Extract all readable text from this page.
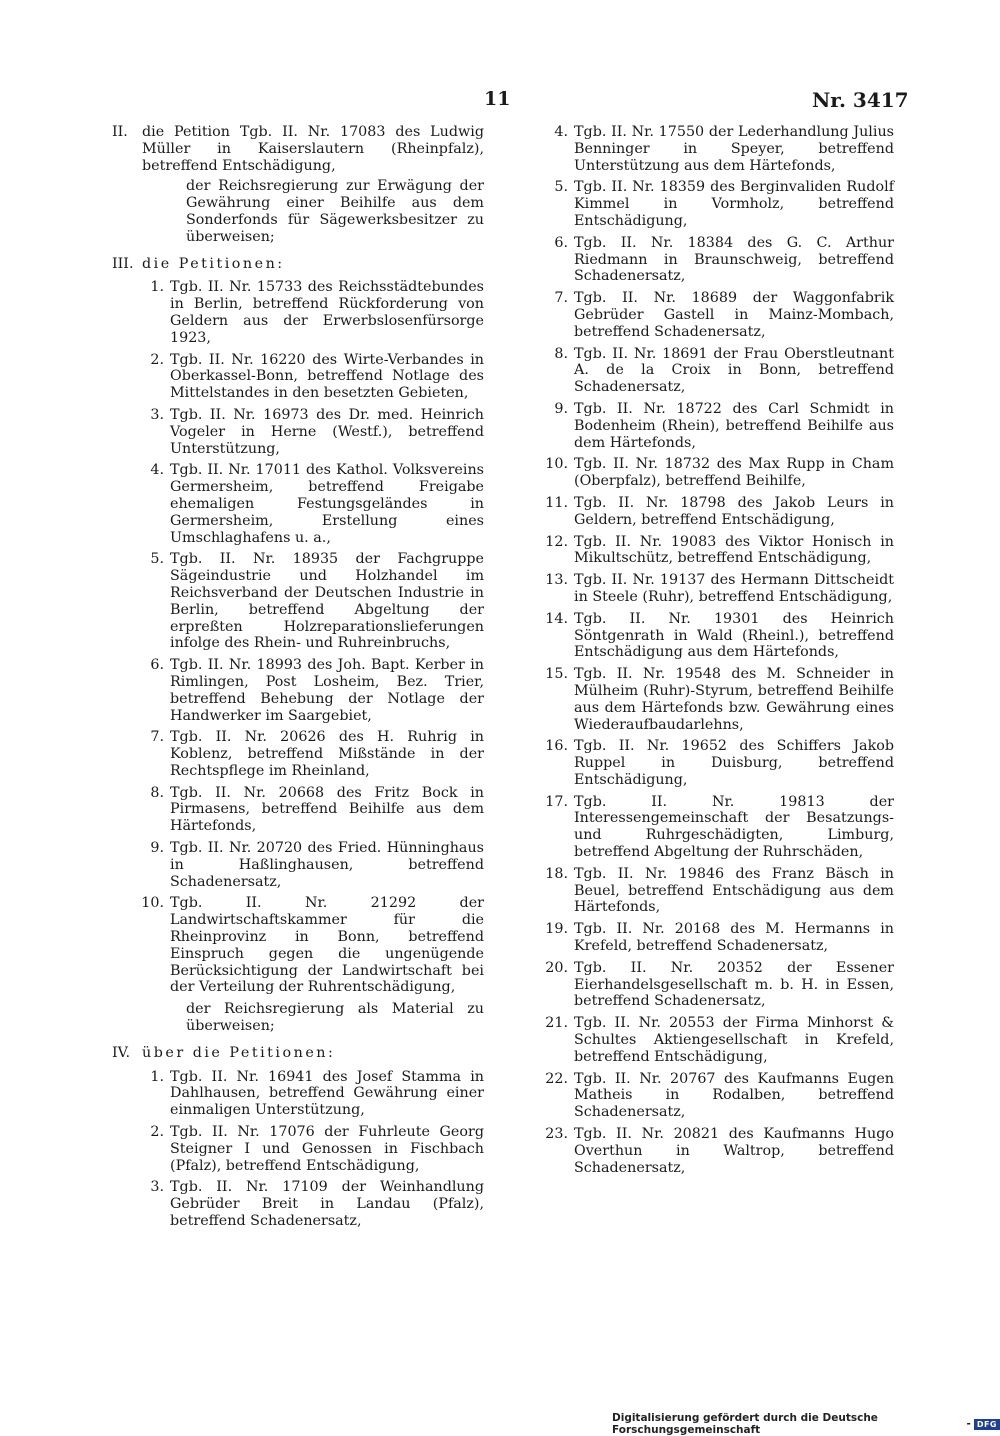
11	Nr. 3417
II. die Petition Tgb. II. Nr. 17083 des Ludwig Müller in Kaiserslautern (Rheinpfalz), betreffend Entschädigung,
der Reichsregierung zur Erwägung der Gewährung einer Beihilfe aus dem Sonderfonds für Sägewerksbesitzer zu überweisen;
III. die Petitionen:
1. Tgb. II. Nr. 15733 des Reichsstädtebundes in Berlin, betreffend Rückforderung von Geldern aus der Erwerbslosenfürsorge 1923,
2. Tgb. II. Nr. 16220 des Wirte-Verbandes in Oberkassel-Bonn, betreffend Notlage des Mittelstandes in den besetzten Gebieten,
3. Tgb. II. Nr. 16973 des Dr. med. Heinrich Vogeler in Herne (Westf.), betreffend Unterstützung,
4. Tgb. II. Nr. 17011 des Kathol. Volksvereins Germersheim, betreffend Freigabe ehemaligen Festungsgeländes in Germersheim, Erstellung eines Umschlaghafens u. a.,
5. Tgb. II. Nr. 18935 der Fachgruppe Sägeindustrie und Holzhandel im Reichsverband der Deutschen Industrie in Berlin, betreffend Abgeltung der erpreßten Holzreparationslieferungen infolge des Rhein- und Ruhreinbruchs,
6. Tgb. II. Nr. 18993 des Joh. Bapt. Kerber in Rimlingen, Post Losheim, Bez. Trier, betreffend Behebung der Notlage der Handwerker im Saargebiet,
7. Tgb. II. Nr. 20626 des H. Ruhrig in Koblenz, betreffend Mißstände in der Rechtspflege im Rheinland,
8. Tgb. II. Nr. 20668 des Fritz Bock in Pirmasens, betreffend Beihilfe aus dem Härtefonds,
9. Tgb. II. Nr. 20720 des Fried. Hünninghaus in Haßlinghausen, betreffend Schadenersatz,
10. Tgb. II. Nr. 21292 der Landwirtschaftskammer für die Rheinprovinz in Bonn, betreffend Einspruch gegen die ungenügende Berücksichtigung der Landwirtschaft bei der Verteilung der Ruhrentschädigung,
der Reichsregierung als Material zu überweisen;
IV. über die Petitionen:
1. Tgb. II. Nr. 16941 des Josef Stamma in Dahlhausen, betreffend Gewährung einer einmaligen Unterstützung,
2. Tgb. II. Nr. 17076 der Fuhrleute Georg Steigner I und Genossen in Fischbach (Pfalz), betreffend Entschädigung,
3. Tgb. II. Nr. 17109 der Weinhandlung Gebrüder Breit in Landau (Pfalz), betreffend Schadenersatz,
4. Tgb. II. Nr. 17550 der Lederhandlung Julius Benninger in Speyer, betreffend Unterstützung aus dem Härtefonds,
5. Tgb. II. Nr. 18359 des Berginvaliden Rudolf Kimmel in Vormholz, betreffend Entschädigung,
6. Tgb. II. Nr. 18384 des G. C. Arthur Riedmann in Braunschweig, betreffend Schadenersatz,
7. Tgb. II. Nr. 18689 der Waggonfabrik Gebrüder Gastell in Mainz-Mombach, betreffend Schadenersatz,
8. Tgb. II. Nr. 18691 der Frau Oberstleutnant A. de la Croix in Bonn, betreffend Schadenersatz,
9. Tgb. II. Nr. 18722 des Carl Schmidt in Bodenheim (Rhein), betreffend Beihilfe aus dem Härtefonds,
10. Tgb. II. Nr. 18732 des Max Rupp in Cham (Oberpfalz), betreffend Beihilfe,
11. Tgb. II. Nr. 18798 des Jakob Leurs in Geldern, betreffend Entschädigung,
12. Tgb. II. Nr. 19083 des Viktor Honisch in Mikultschütz, betreffend Entschädigung,
13. Tgb. II. Nr. 19137 des Hermann Dittscheidt in Steele (Ruhr), betreffend Entschädigung,
14. Tgb. II. Nr. 19301 des Heinrich Söntgenrath in Wald (Rheinl.), betreffend Entschädigung aus dem Härtefonds,
15. Tgb. II. Nr. 19548 des M. Schneider in Mülheim (Ruhr)-Styrum, betreffend Beihilfe aus dem Härtefonds bzw. Gewährung eines Wiederaufbaudarlehns,
16. Tgb. II. Nr. 19652 des Schiffers Jakob Ruppel in Duisburg, betreffend Entschädigung,
17. Tgb. II. Nr. 19813 der Interessengemeinschaft der Besatzungs- und Ruhrgeschädigten, Limburg, betreffend Abgeltung der Ruhrschäden,
18. Tgb. II. Nr. 19846 des Franz Bäsch in Beuel, betreffend Entschädigung aus dem Härtefonds,
19. Tgb. II. Nr. 20168 des M. Hermanns in Krefeld, betreffend Schadenersatz,
20. Tgb. II. Nr. 20352 der Essener Eierhandelsgesellschaft m. b. H. in Essen, betreffend Schadenersatz,
21. Tgb. II. Nr. 20553 der Firma Minhorst & Schultes Aktiengesellschaft in Krefeld, betreffend Entschädigung,
22. Tgb. II. Nr. 20767 des Kaufmanns Eugen Matheis in Rodalben, betreffend Schadenersatz,
23. Tgb. II. Nr. 20821 des Kaufmanns Hugo Overthun in Waltrop, betreffend Schadenersatz,
Digitalisierung gefördert durch die Deutsche Forschungsgemeinschaft	- DFG
